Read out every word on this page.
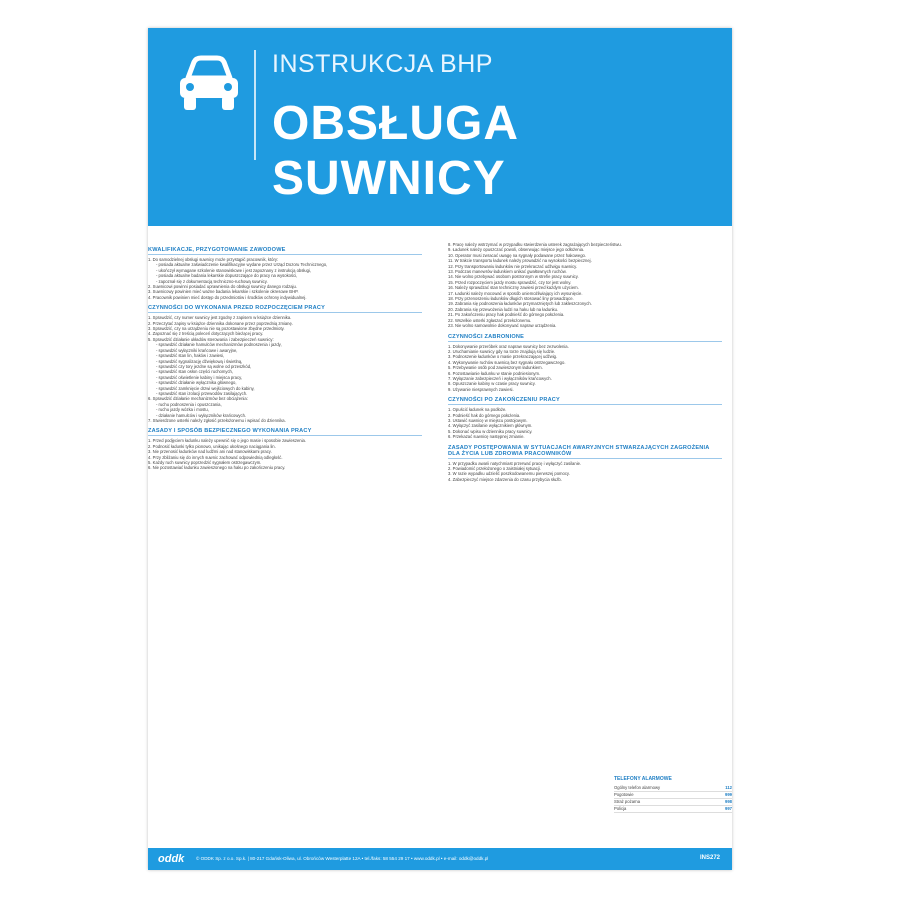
INSTRUKCJA BHP
OBSŁUGA SUWNICY
KWALIFIKACJE, PRZYGOTOWANIE ZAWODOWE

1. Do samodzielnej obsługi suwnicy może przystąpić pracownik, który:

- posiada aktualne zaświadczenie kwalifikacyjne wydane przez Urząd Dozoru Technicznego,

- ukończył wymagane szkolenie stanowiskowe i jest zapoznany z instrukcją obsługi,

- posiada aktualne badania lekarskie dopuszczające do pracy na wysokości,

- zapoznał się z dokumentacją techniczno-ruchową suwnicy.

2. Suwnicowi powinni posiadać uprawnienia do obsługi suwnicy danego rodzaju.

3. Suwnicowy powinien mieć ważne badania lekarskie i szkolenie okresowe BHP.

4. Pracownik powinien mieć dostęp do przedmiotów i środków ochrony indywidualnej.

CZYNNOŚCI DO WYKONANIA PRZED ROZPOCZĘCIEM PRACY

1. Sprawdzić, czy numer suwnicy jest zgodny z zapisem w książce dziennika.

2. Przeczytać zapisy w książce dziennika dokonane przez poprzednią zmianę.

3. Sprawdzić, czy na urządzeniu nie są pozostawione zbędne przedmioty.

4. Zapoznać się z treścią poleceń dotyczących bieżącej pracy.

5. Sprawdzić działanie układów sterowania i zabezpieczeń suwnicy:

- sprawdzić działanie hamulców mechanizmów podnoszenia i jazdy,

- sprawdzić wyłączniki krańcowe i awaryjne,

- sprawdzić stan lin, haków i zawiesi,

- sprawdzić sygnalizację dźwiękową i świetlną,

- sprawdzić czy tory jezdne są wolne od przeszkód,

- sprawdzić stan osłon części ruchomych,

- sprawdzić oświetlenie kabiny i miejsca pracy,

- sprawdzić działanie wyłącznika głównego,

- sprawdzić zamknięcie drzwi wejściowych do kabiny,

- sprawdzić stan izolacji przewodów zasilających.

6. Sprawdzić działanie mechanizmów bez obciążenia:

- ruchu podnoszenia i opuszczania,

- ruchu jazdy wózka i mostu,

- działanie hamulców i wyłączników krańcowych.

7. Stwierdzone usterki należy zgłosić przełożonemu i wpisać do dziennika.

ZASADY I SPOSÓB BEZPIECZNEGO WYKONANIA PRACY

1. Przed podjęciem ładunku należy upewnić się o jego masie i sposobie zawieszenia.

2. Podnosić ładunki tylko pionowo, unikając ukośnego naciągania lin.

3. Nie przenosić ładunków nad ludźmi ani nad stanowiskami pracy.

4. Przy zbliżaniu się do innych suwnic zachować odpowiednią odległość.

5. Każdy ruch suwnicy poprzedzić sygnałem ostrzegawczym.

6. Nie pozostawiać ładunku zawieszonego na haku po zakończeniu pracy.

8. Pracę należy wstrzymać w przypadku stwierdzenia usterek zagrażających bezpieczeństwu.

9. Ładunek należy opuszczać powoli, obserwując miejsce jego odłożenia.

10. Operator musi zwracać uwagę na sygnały podawane przez hakowego.

11. W trakcie transportu ładunek należy prowadzić na wysokości bezpiecznej.

12. Przy transportowaniu ładunków nie przekraczać udźwigu suwnicy.

13. Podczas manewrów ładunkiem unikać gwałtownych ruchów.

14. Nie wolno przebywać osobom postronnym w strefie pracy suwnicy.

15. Przed rozpoczęciem jazdy mostu sprawdzić, czy tor jest wolny.

16. Należy sprawdzać stan techniczny zawiesi przed każdym użyciem.

17. Ładunki należy mocować w sposób uniemożliwiający ich wysunięcie.

18. Przy przenoszeniu ładunków długich stosować liny prowadzące.

19. Zabrania się podnoszenia ładunków przymarzniętych lub zakleszczonych.

20. Zabrania się przewożenia ludzi na haku lub na ładunku.

21. Po zakończeniu pracy hak podnieść do górnego położenia.

22. Wszelkie usterki zgłaszać przełożonemu.

23. Nie wolno samowolnie dokonywać napraw urządzenia.

CZYNNOŚCI ZABRONIONE

1. Dokonywanie przeróbek oraz napraw suwnicy bez zezwolenia.

2. Uruchamianie suwnicy gdy na torze znajdują się ludzie.

3. Podnoszenie ładunków o masie przekraczającej udźwig.

4. Wykonywanie ruchów suwnicą bez sygnału ostrzegawczego.

5. Przebywanie osób pod zawieszonym ładunkiem.

6. Pozostawianie ładunku w stanie podniesionym.

7. Wyłączanie zabezpieczeń i wyłączników krańcowych.

8. Opuszczanie kabiny w czasie pracy suwnicy.

9. Używanie niesprawnych zawiesi.

CZYNNOŚCI PO ZAKOŃCZENIU PRACY

1. Opuścić ładunek na podłoże.

2. Podnieść hak do górnego położenia.

3. Ustawić suwnicę w miejscu postojowym.

4. Wyłączyć zasilanie wyłącznikiem głównym.

5. Dokonać wpisu w dzienniku pracy suwnicy.

6. Przekazać suwnicę następnej zmianie.

ZASADY POSTĘPOWANIA W SYTUACJACH AWARYJNYCH STWARZAJĄCYCH ZAGROŻENIA DLA ŻYCIA LUB ZDROWIA PRACOWNIKÓW

1. W przypadku awarii natychmiast przerwać pracę i wyłączyć zasilanie.

2. Powiadomić przełożonego o zaistniałej sytuacji.

3. W razie wypadku udzielić poszkodowanemu pierwszej pomocy.

4. Zabezpieczyć miejsce zdarzenia do czasu przybycia służb.

TELEFONY ALARMOWE
Ogólny telefon alarmowy	112
Pogotowie	999
Straż pożarna	998
Policja	997
oddk	© ODDK Sp. z o.o. Sp.k. | 80-217 Gdańsk-Oliwa, ul. Obrońców Westerplatte 12A • tel./faks: 58 554 29 17 • www.oddk.pl • e-mail: oddk@oddk.pl	INS272
